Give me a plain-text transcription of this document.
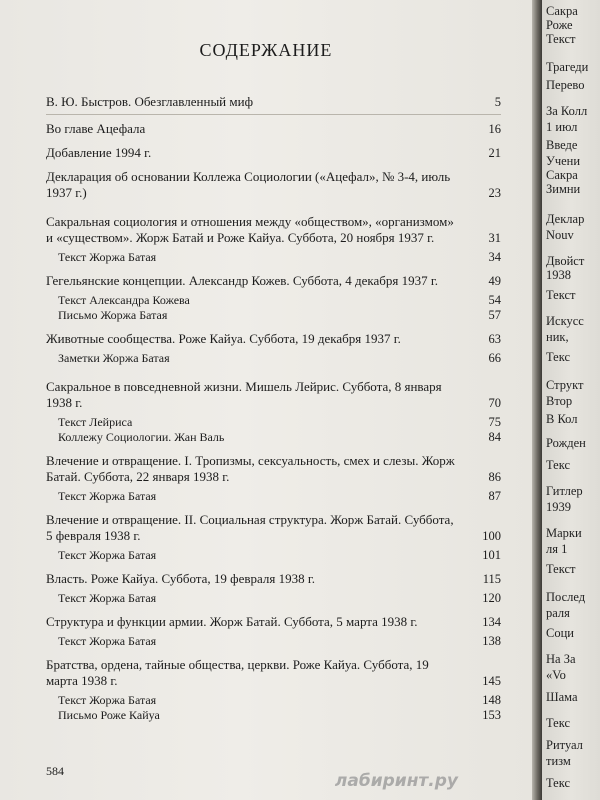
СОДЕРЖАНИЕ
В. Ю. Быстров. Обезглавленный миф	5
Во главе Ацефала	16
Добавление 1994 г.	21
Декларация об основании Коллежа Социологии («Ацефал», № 3-4, июль 1937 г.)	23
Сакральная социология и отношения между «обществом», «организмом» и «существом». Жорж Батай и Роже Кайуа. Суббота, 20 ноября 1937 г.	31
Текст Жоржа Батая	34
Гегельянские концепции. Александр Кожев. Суббота, 4 декабря 1937 г.	49
Текст Александра Кожева	54
Письмо Жоржа Батая	57
Животные сообщества. Роже Кайуа. Суббота, 19 декабря 1937 г.	63
Заметки Жоржа Батая	66
Сакральное в повседневной жизни. Мишель Лейрис. Суббота, 8 января 1938 г.	70
Текст Лейриса	75
Коллежу Социологии. Жан Валь	84
Влечение и отвращение. I. Тропизмы, сексуальность, смех и слезы. Жорж Батай. Суббота, 22 января 1938 г.	86
Текст Жоржа Батая	87
Влечение и отвращение. II. Социальная структура. Жорж Батай. Суббота, 5 февраля 1938 г.	100
Текст Жоржа Батая	101
Власть. Роже Кайуа. Суббота, 19 февраля 1938 г.	115
Текст Жоржа Батая	120
Структура и функции армии. Жорж Батай. Суббота, 5 марта 1938 г.	134
Текст Жоржа Батая	138
Братства, ордена, тайные общества, церкви. Роже Кайуа. Суббота, 19 марта 1938 г.	145
Текст Жоржа Батая	148
Письмо Роже Кайуа	153
584	лабиринт.ру
Сакра
Роже
Текст
Трагеди
Перево
За Колл
1 июл
Введе
Учени
Сакра
Зимни
Деклар
Nouv
Двойст
1938
Текст
Искусс
ник,
Текс
Структ
Втор
В Кол
Рожден
Текс
Гитлер
1939
Марки
ля 1
Текст
Послед
раля
Соци
На За
«Vo
Шама
Текс
Ритуал
тизм
Текс
